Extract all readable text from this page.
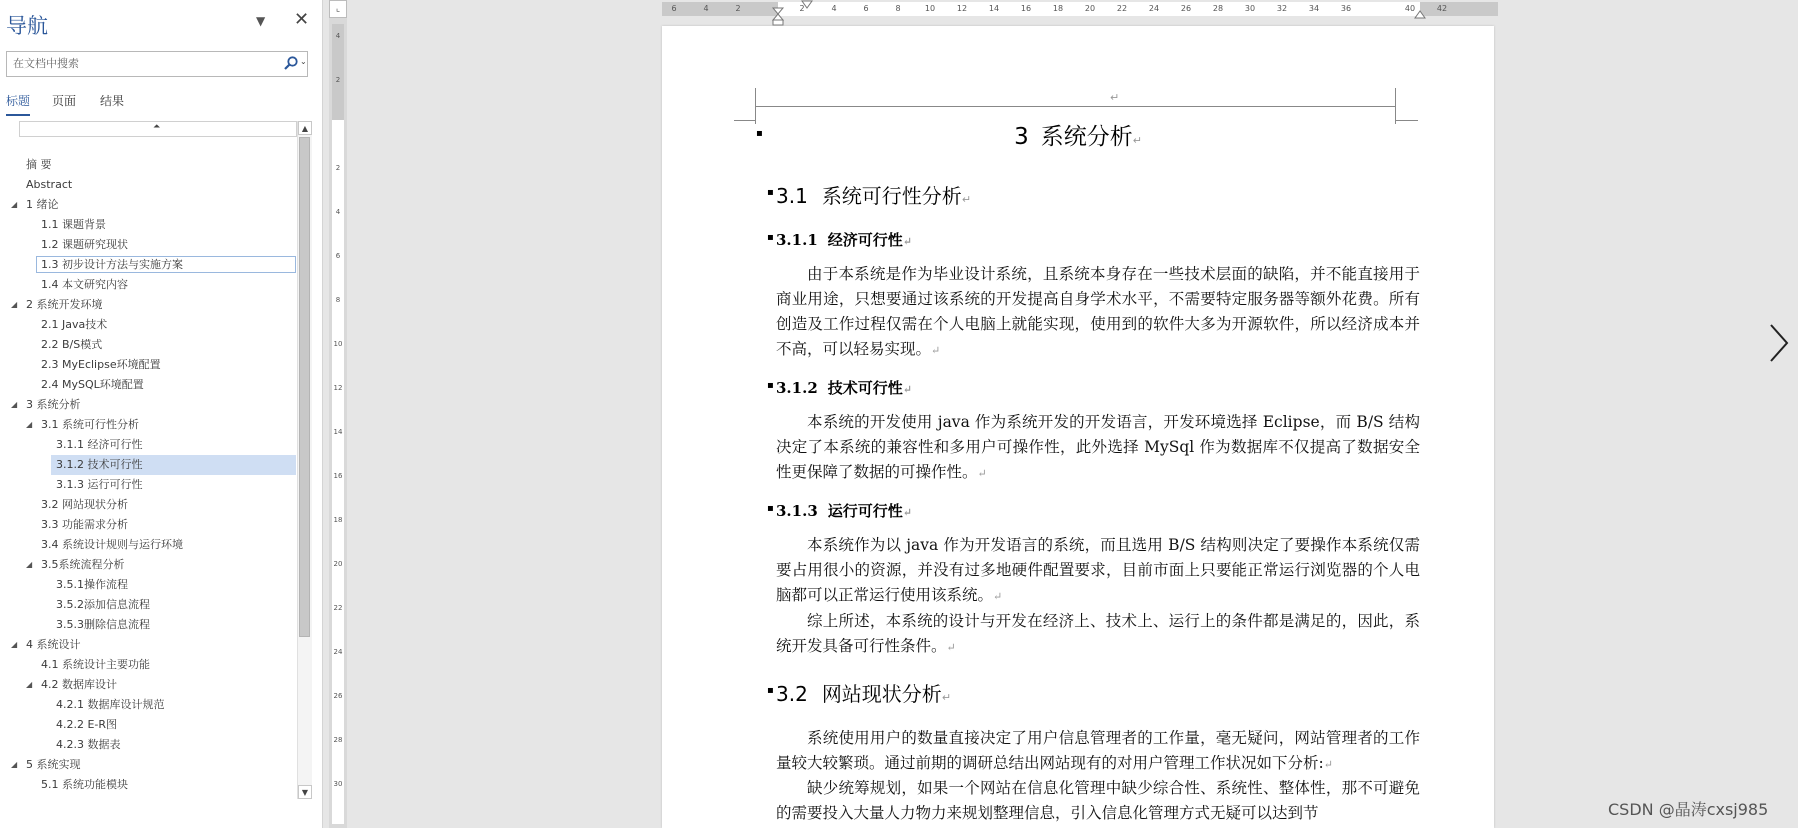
导航	▼ ✕
在文档中搜索
⌄
标题 页面 结果
⏶
摘 要
Abstract
◢ 1 绪论
1.1 课题背景
1.2 课题研究现状
1.3 初步设计方法与实施方案
1.4 本文研究内容
◢ 2 系统开发环境
2.1 Java技术
2.2 B/S模式
2.3 MyEclipse环境配置
2.4 MySQL环境配置
◢ 3 系统分析
◢ 3.1 系统可行性分析
3.1.1 经济可行性
3.1.2 技术可行性
3.1.3 运行可行性
3.2 网站现状分析
3.3 功能需求分析
3.4 系统设计规则与运行环境
◢ 3.5系统流程分析
3.5.1操作流程
3.5.2添加信息流程
3.5.3删除信息流程
◢ 4 系统设计
4.1 系统设计主要功能
◢ 4.2 数据库设计
4.2.1 数据库设计规范
4.2.2 E-R图
4.2.3 数据表
◢ 5 系统实现
5.1 系统功能模块
▲
▼
⌞
4
2
2
4
6
8
10
12
14
16
18
20
22
24
26
28
30
6	4	2	2	4	6	8	10	12	14	16	18	20	22	24	26	28	30	32	34	36	40	42
↵
▪	3 系统分析↵
▪ 3.1 系统可行性分析↵
▪ 3.1.1 经济可行性↵
由于本系统是作为毕业设计系统，且系统本身存在一些技术层面的缺陷，并不能直接用于商业用途，只想要通过该系统的开发提高自身学术水平，不需要特定服务器等额外花费。所有创造及工作过程仅需在个人电脑上就能实现，使用到的软件大多为开源软件，所以经济成本并不高，可以轻易实现。↵
▪ 3.1.2 技术可行性↵
本系统的开发使用 java 作为系统开发的开发语言，开发环境选择 Eclipse，而 B/S 结构决定了本系统的兼容性和多用户可操作性，此外选择 MySql 作为数据库不仅提高了数据安全性更保障了数据的可操作性。↵
▪ 3.1.3 运行可行性↵
本系统作为以 java 作为开发语言的系统，而且选用 B/S 结构则决定了要操作本系统仅需要占用很小的资源，并没有过多地硬件配置要求，目前市面上只要能正常运行浏览器的个人电脑都可以正常运行使用该系统。↵
综上所述，本系统的设计与开发在经济上、技术上、运行上的条件都是满足的，因此，系统开发具备可行性条件。↵
▪ 3.2 网站现状分析↵
系统使用用户的数量直接决定了用户信息管理者的工作量，毫无疑问，网站管理者的工作量较大较繁琐。通过前期的调研总结出网站现有的对用户管理工作状况如下分析:↵
缺少统筹规划，如果一个网站在信息化管理中缺少综合性、系统性、整体性，那不可避免的需要投入大量人力物力来规划整理信息，引入信息化管理方式无疑可以达到节	CSDN @晶涛cxsj985
